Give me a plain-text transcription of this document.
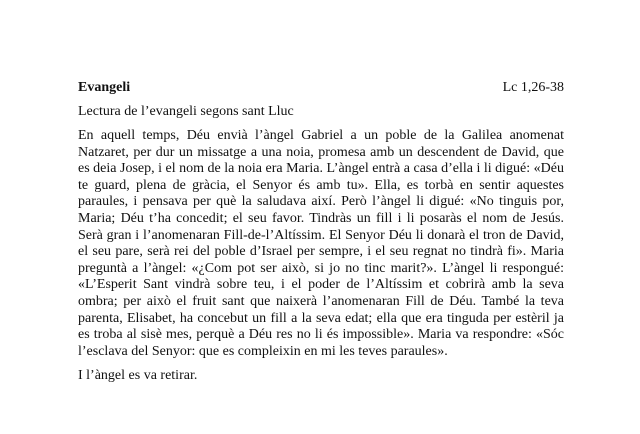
Evangeli	Lc 1,26-38

Lectura de l’evangeli segons sant Lluc

En aquell temps, Déu envià l’àngel Gabriel a un poble de la Galilea anomenat Natzaret, per dur un missatge a una noia, promesa amb un descendent de David, que es deia Josep, i el nom de la noia era Maria. L’àngel entrà a casa d’ella i li digué: «Déu te guard, plena de gràcia, el Senyor és amb tu». Ella, es torbà en sentir aquestes paraules, i pensava per què la saludava així. Però l’àngel li digué: «No tinguis por, Maria; Déu t’ha concedit; el seu favor. Tindràs un fill i li posaràs el nom de Jesús. Serà gran i l’anomenaran Fill-de-l’Altíssim. El Senyor Déu li donarà el tron de David, el seu pare, serà rei del poble d’Israel per sempre, i el seu regnat no tindrà fi». Maria preguntà a l’àngel: «¿Com pot ser això, si jo no tinc marit?». L’àngel li respongué: «L’Esperit Sant vindrà sobre teu, i el poder de l’Altíssim et cobrirà amb la seva ombra; per això el fruit sant que naixerà l’anomenaran Fill de Déu. També la teva parenta, Elisabet, ha concebut un fill a la seva edat; ella que era tinguda per estèril ja es troba al sisè mes, perquè a Déu res no li és impossible». Maria va respondre: «Sóc l’esclava del Senyor: que es compleixin en mi les teves paraules».

I l’àngel es va retirar.
